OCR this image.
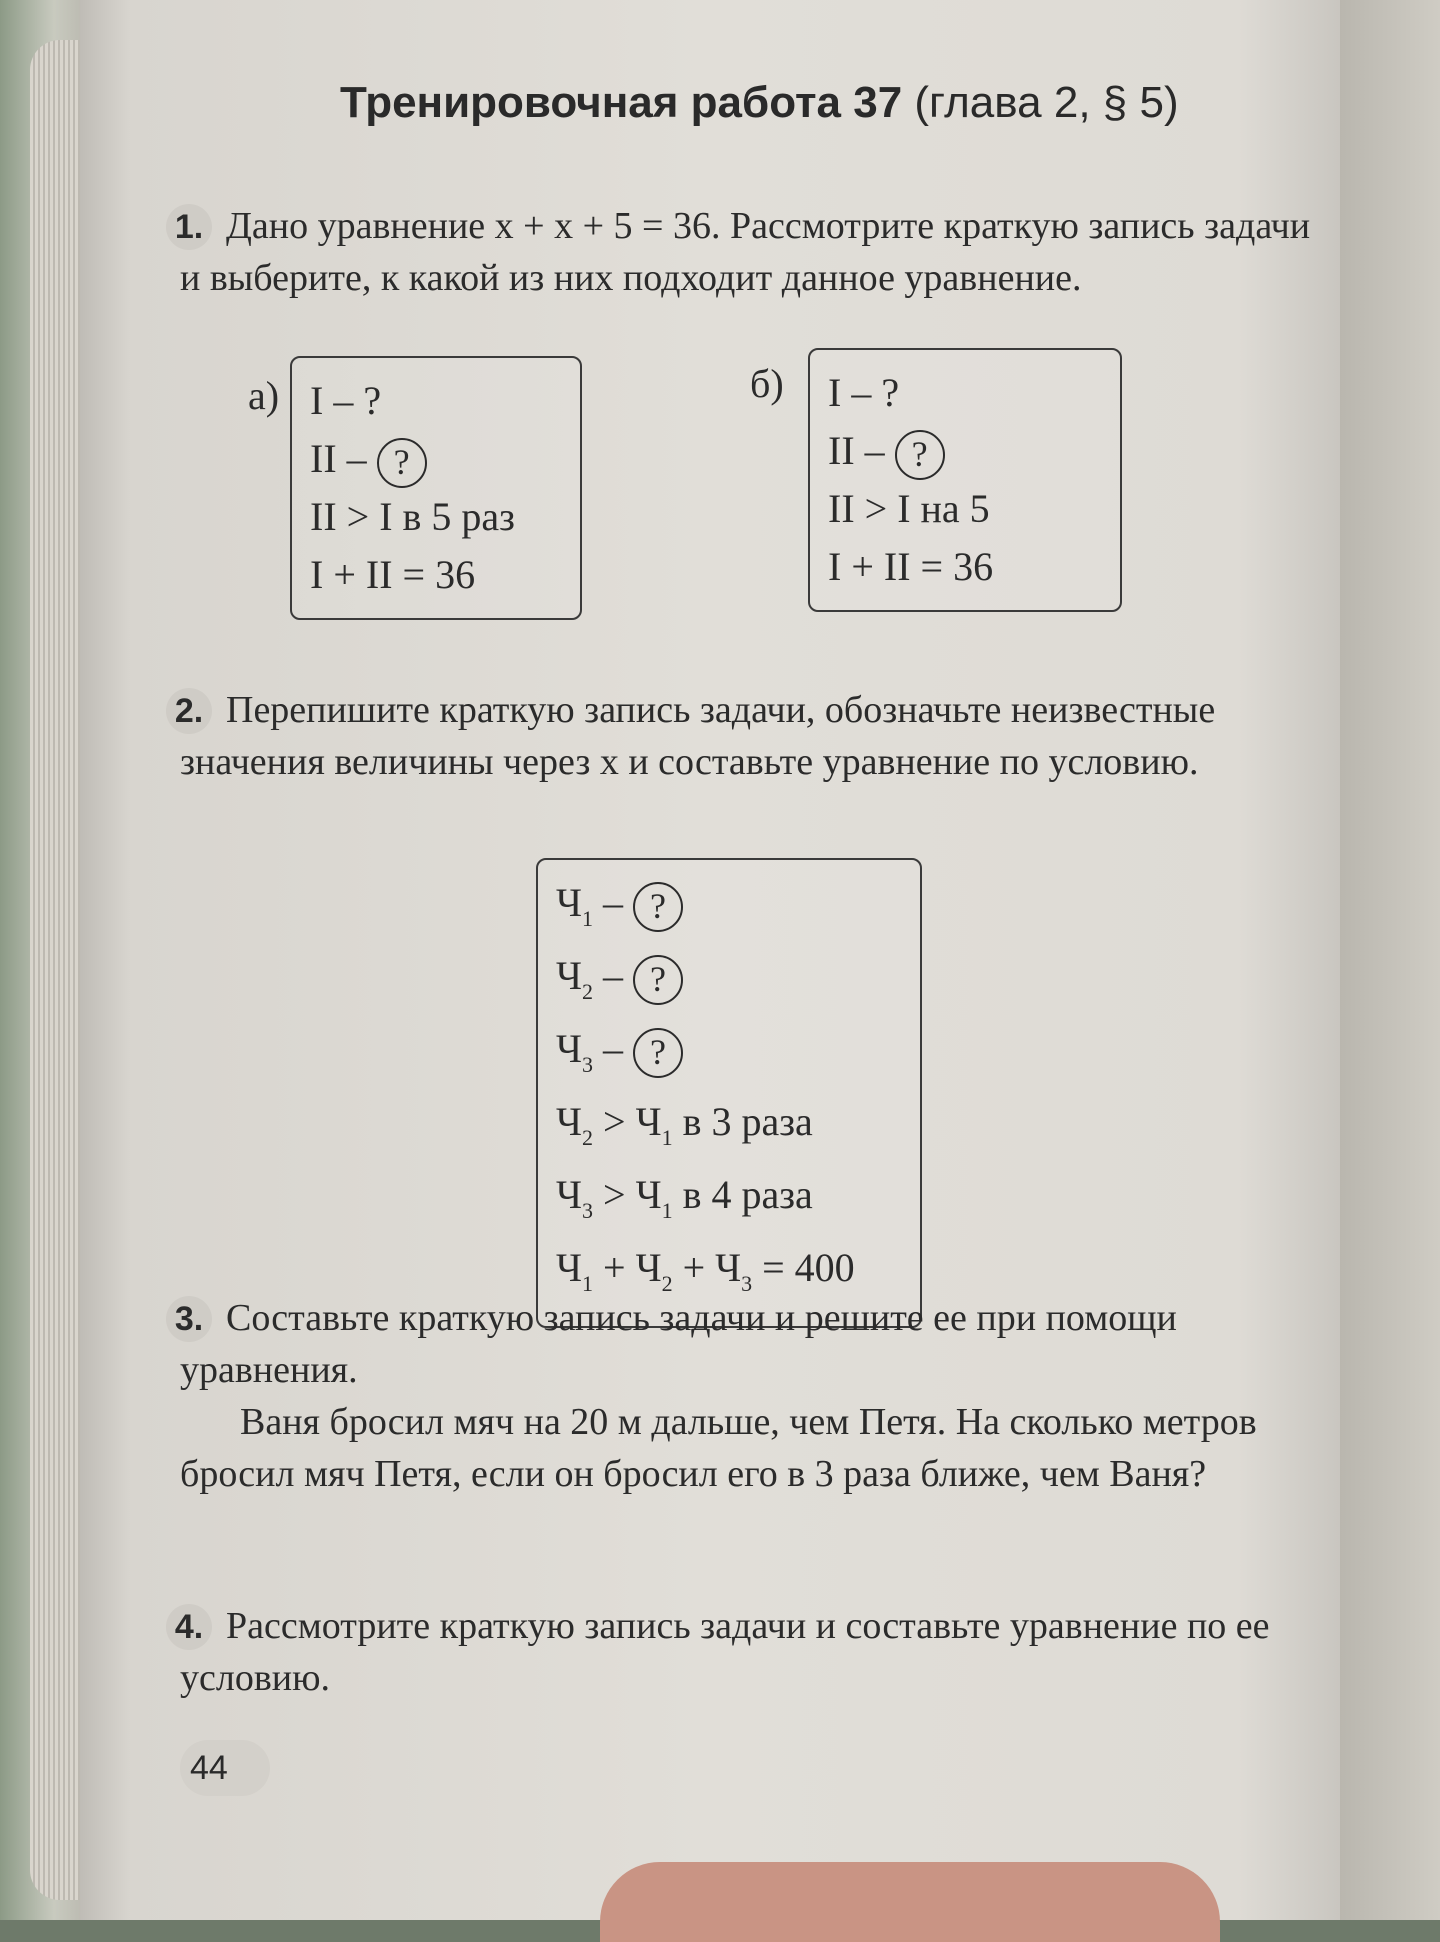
Тренировочная работа 37 (глава 2, § 5)
1. Дано уравнение x + x + 5 = 36. Рассмотрите краткую запись задачи и выберите, к какой из них подходит данное уравнение.
а) I – ?
II – ?
II > I в 5 раз
I + II = 36
б) I – ?
II – ?
II > I на 5
I + II = 36
2. Перепишите краткую запись задачи, обозначьте неизвестные значения величины через x и составьте уравнение по условию.
$Ч_1$ – ?
$Ч_2$ – ?
$Ч_3$ – ?
$Ч_2 > Ч_1$ в 3 раза
$Ч_3 > Ч_1$ в 4 раза
$Ч_1 + Ч_2 + Ч_3 = 400$
3. Составьте краткую запись задачи и решите ее при помощи уравнения.
Ваня бросил мяч на 20 м дальше, чем Петя. На сколько метров бросил мяч Петя, если он бросил его в 3 раза ближе, чем Ваня?
4. Рассмотрите краткую запись задачи и составьте уравнение по ее условию.
44
